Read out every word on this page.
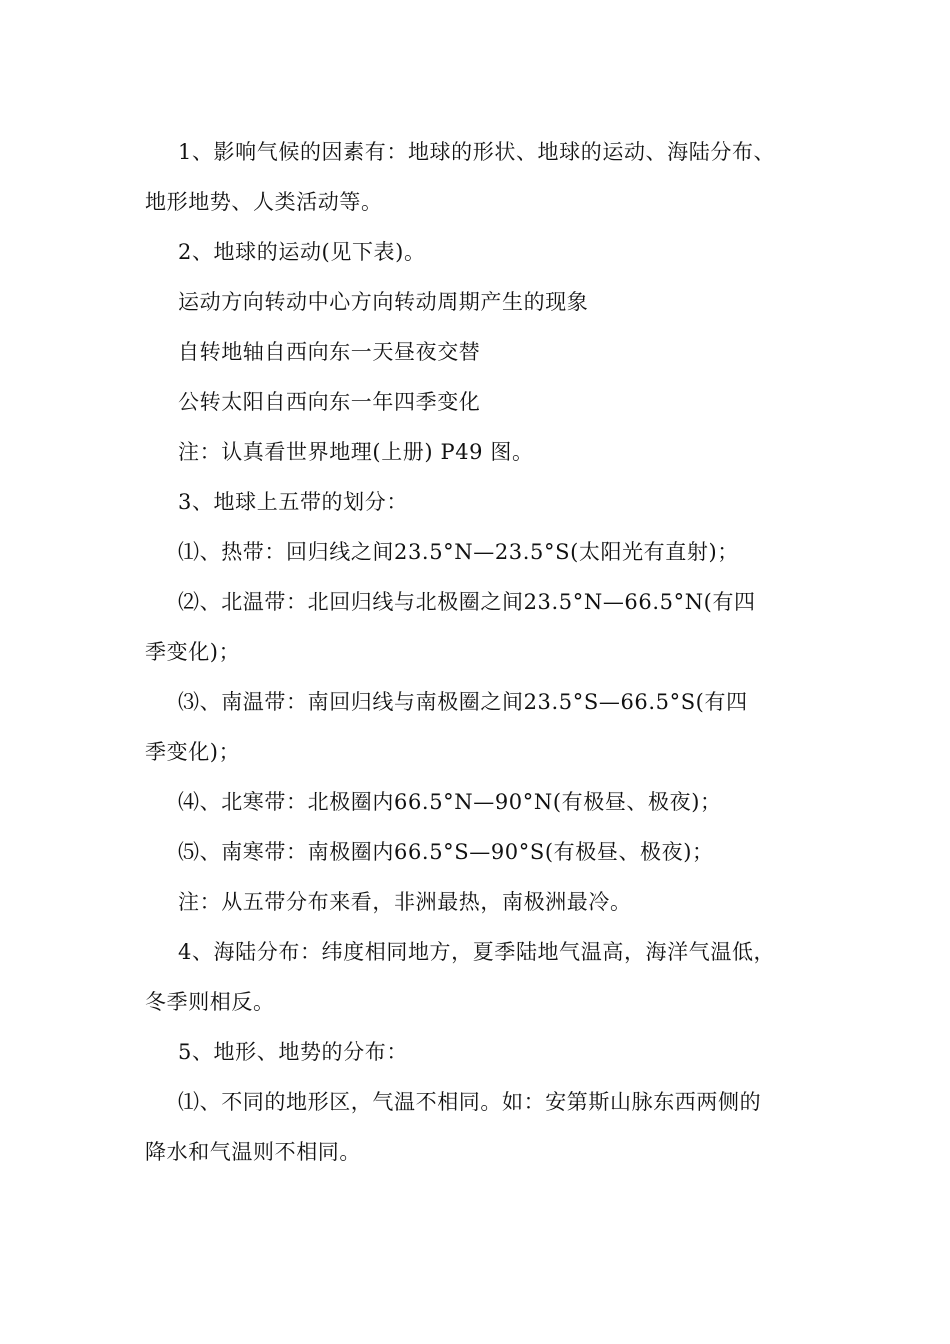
1、影响气候的因素有：地球的形状、地球的运动、海陆分布、
地形地势、人类活动等。
2、地球的运动(见下表)。
运动方向转动中心方向转动周期产生的现象
自转地轴自西向东一天昼夜交替
公转太阳自西向东一年四季变化
注：认真看世界地理(上册) P49 图。
3、地球上五带的划分：
⑴、热带：回归线之间23.5°N—23.5°S(太阳光有直射)；
⑵、北温带：北回归线与北极圈之间23.5°N—66.5°N(有四
季变化)；
⑶、南温带：南回归线与南极圈之间23.5°S—66.5°S(有四
季变化)；
⑷、北寒带：北极圈内66.5°N—90°N(有极昼、极夜)；
⑸、南寒带：南极圈内66.5°S—90°S(有极昼、极夜)；
注：从五带分布来看，非洲最热，南极洲最冷。
4、海陆分布：纬度相同地方，夏季陆地气温高，海洋气温低，
冬季则相反。
5、地形、地势的分布：
⑴、不同的地形区，气温不相同。如：安第斯山脉东西两侧的
降水和气温则不相同。
